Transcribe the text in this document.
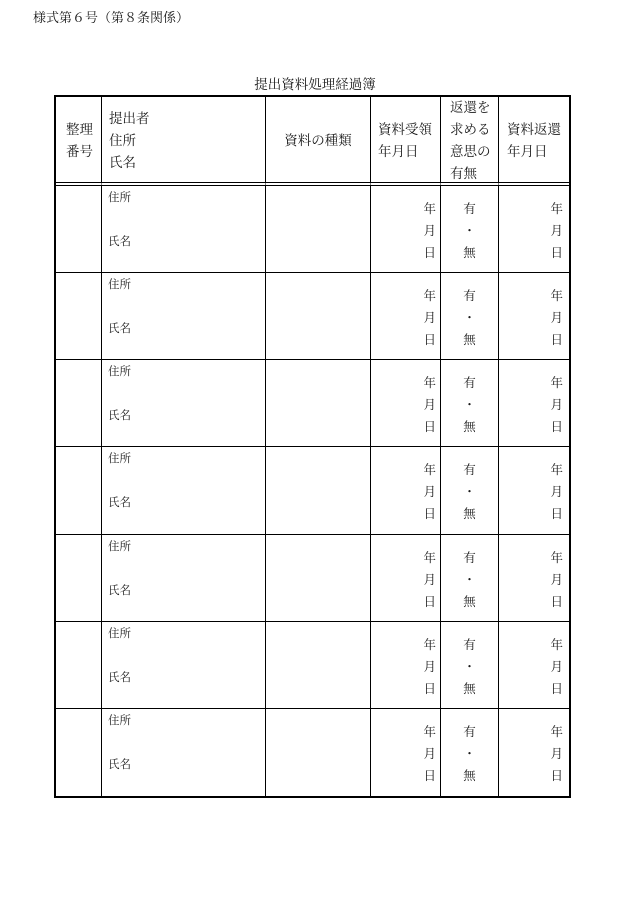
様式第６号（第８条関係）
提出資料処理経過簿
整理
番号
提出者
住所
氏名
資料の種類
資料受領
年月日
返還を
求める
意思の
有無
資料返還
年月日
住所
氏名
年
月
日
有
・
無
年
月
日
住所
氏名
年
月
日
有
・
無
年
月
日
住所
氏名
年
月
日
有
・
無
年
月
日
住所
氏名
年
月
日
有
・
無
年
月
日
住所
氏名
年
月
日
有
・
無
年
月
日
住所
氏名
年
月
日
有
・
無
年
月
日
住所
氏名
年
月
日
有
・
無
年
月
日
